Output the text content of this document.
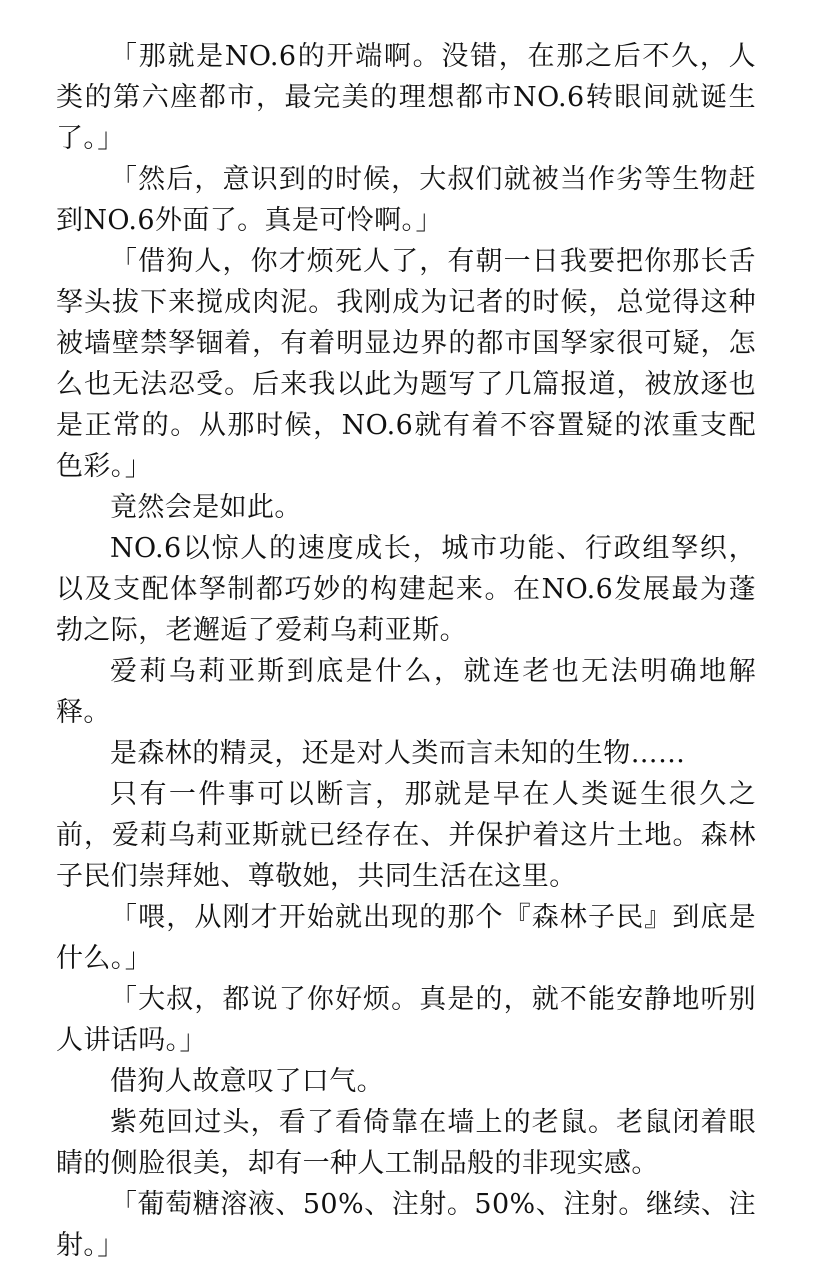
「那就是NO.6的开端啊。没错，在那之后不久，人类的第六座都市，最完美的理想都市NO.6转眼间就诞生了。」

「然后，意识到的时候，大叔们就被当作劣等生物赶到NO.6外面了。真是可怜啊。」

「借狗人，你才烦死人了，有朝一日我要把你那长舌孥头拔下来搅成肉泥。我刚成为记者的时候，总觉得这种被墙壁禁孥锢着，有着明显边界的都市国孥家很可疑，怎么也无法忍受。后来我以此为题写了几篇报道，被放逐也是正常的。从那时候，NO.6就有着不容置疑的浓重支配色彩。」

竟然会是如此。

NO.6以惊人的速度成长，城市功能、行政组孥织，以及支配体孥制都巧妙的构建起来。在NO.6发展最为蓬勃之际，老邂逅了爱莉乌莉亚斯。

爱莉乌莉亚斯到底是什么，就连老也无法明确地解释。

是森林的精灵，还是对人类而言未知的生物……

只有一件事可以断言，那就是早在人类诞生很久之前，爱莉乌莉亚斯就已经存在、并保护着这片土地。森林子民们崇拜她、尊敬她，共同生活在这里。

「喂，从刚才开始就出现的那个『森林子民』到底是什么。」

「大叔，都说了你好烦。真是的，就不能安静地听别人讲话吗。」

借狗人故意叹了口气。

紫苑回过头，看了看倚靠在墙上的老鼠。老鼠闭着眼睛的侧脸很美，却有一种人工制品般的非现实感。

「葡萄糖溶液、50%、注射。50%、注射。继续、注射。」
